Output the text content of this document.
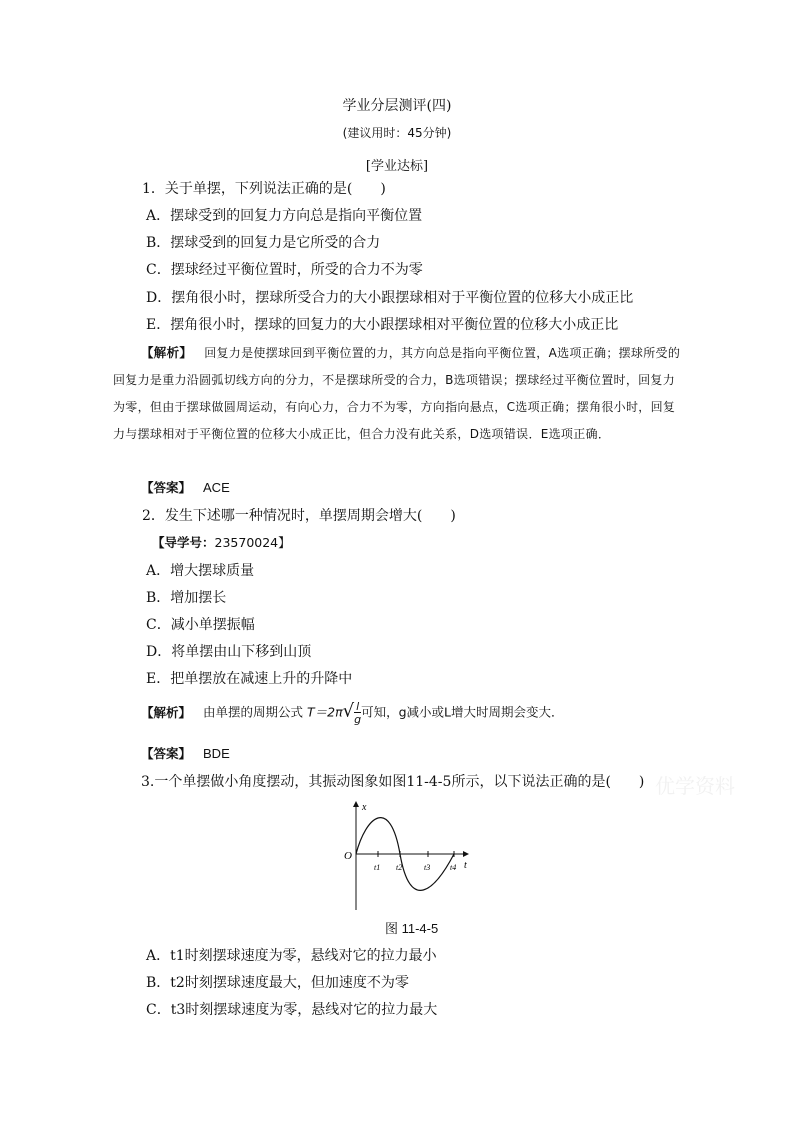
学业分层测评(四)
(建议用时：45分钟)
[学业达标]
1．关于单摆，下列说法正确的是(　　)
A．摆球受到的回复力方向总是指向平衡位置
B．摆球受到的回复力是它所受的合力
C．摆球经过平衡位置时，所受的合力不为零
D．摆角很小时，摆球所受合力的大小跟摆球相对于平衡位置的位移大小成正比
E．摆角很小时，摆球的回复力的大小跟摆球相对平衡位置的位移大小成正比
【解析】 回复力是使摆球回到平衡位置的力，其方向总是指向平衡位置，A选项正确；摆球所受的回复力是重力沿圆弧切线方向的分力，不是摆球所受的合力，B选项错误；摆球经过平衡位置时，回复力为零，但由于摆球做圆周运动，有向心力，合力不为零，方向指向悬点，C选项正确；摆角很小时，回复力与摆球相对于平衡位置的位移大小成正比，但合力没有此关系，D选项错误．E选项正确．
【答案】 ACE
2．发生下述哪一种情况时，单摆周期会增大(　　)
【导学号：23570024】
A．增大摆球质量
B．增加摆长
C．减小单摆振幅
D．将单摆由山下移到山顶
E．把单摆放在减速上升的升降中
【解析】 由单摆的周期公式 $T=2\pi√\frac{l}{g}$可知，g减小或L增大时周期会变大．
【答案】 BDE
3.一个单摆做小角度摆动，其振动图象如图11-4-5所示，以下说法正确的是(　　) 优学资料
x
t
O
t1 t2	t3 t4
图 11-4-5
A．t1时刻摆球速度为零，悬线对它的拉力最小
B．t2时刻摆球速度最大，但加速度不为零
C．t3时刻摆球速度为零，悬线对它的拉力最大
